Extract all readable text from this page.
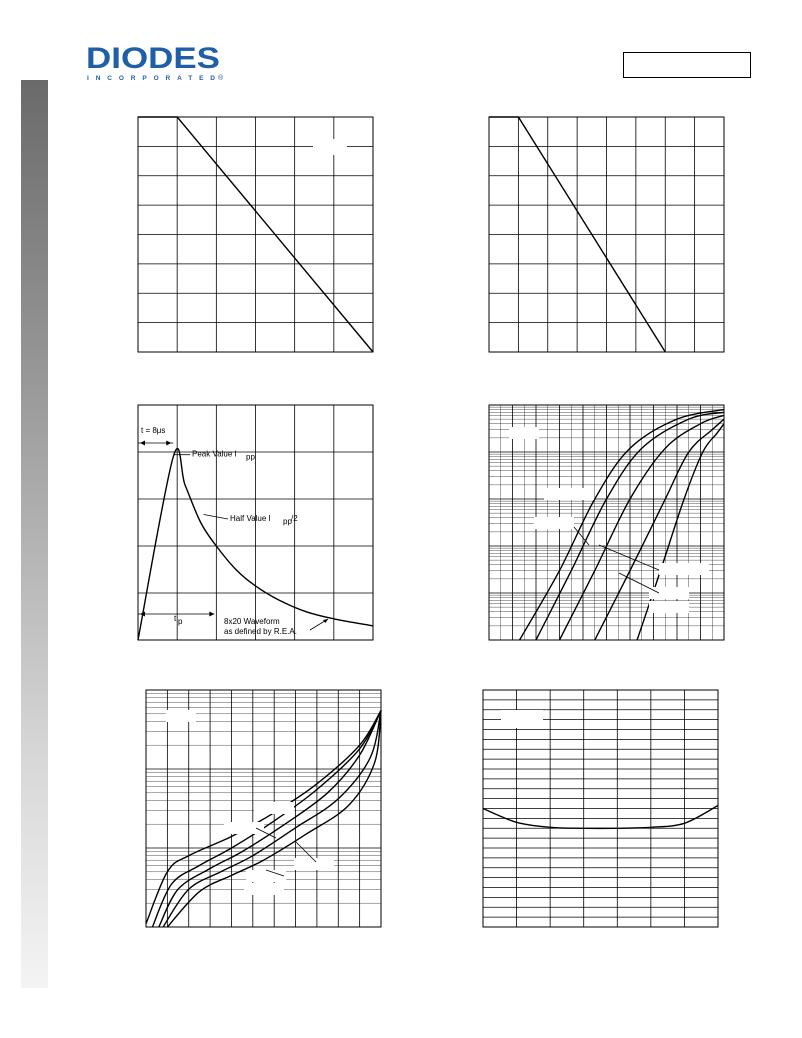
DIODES
INCORPORATED ®
t = 8μs
Peak Value I pp
Half Value I pp /2
t p	8x20 Waveform
as defined by R.E.A.
